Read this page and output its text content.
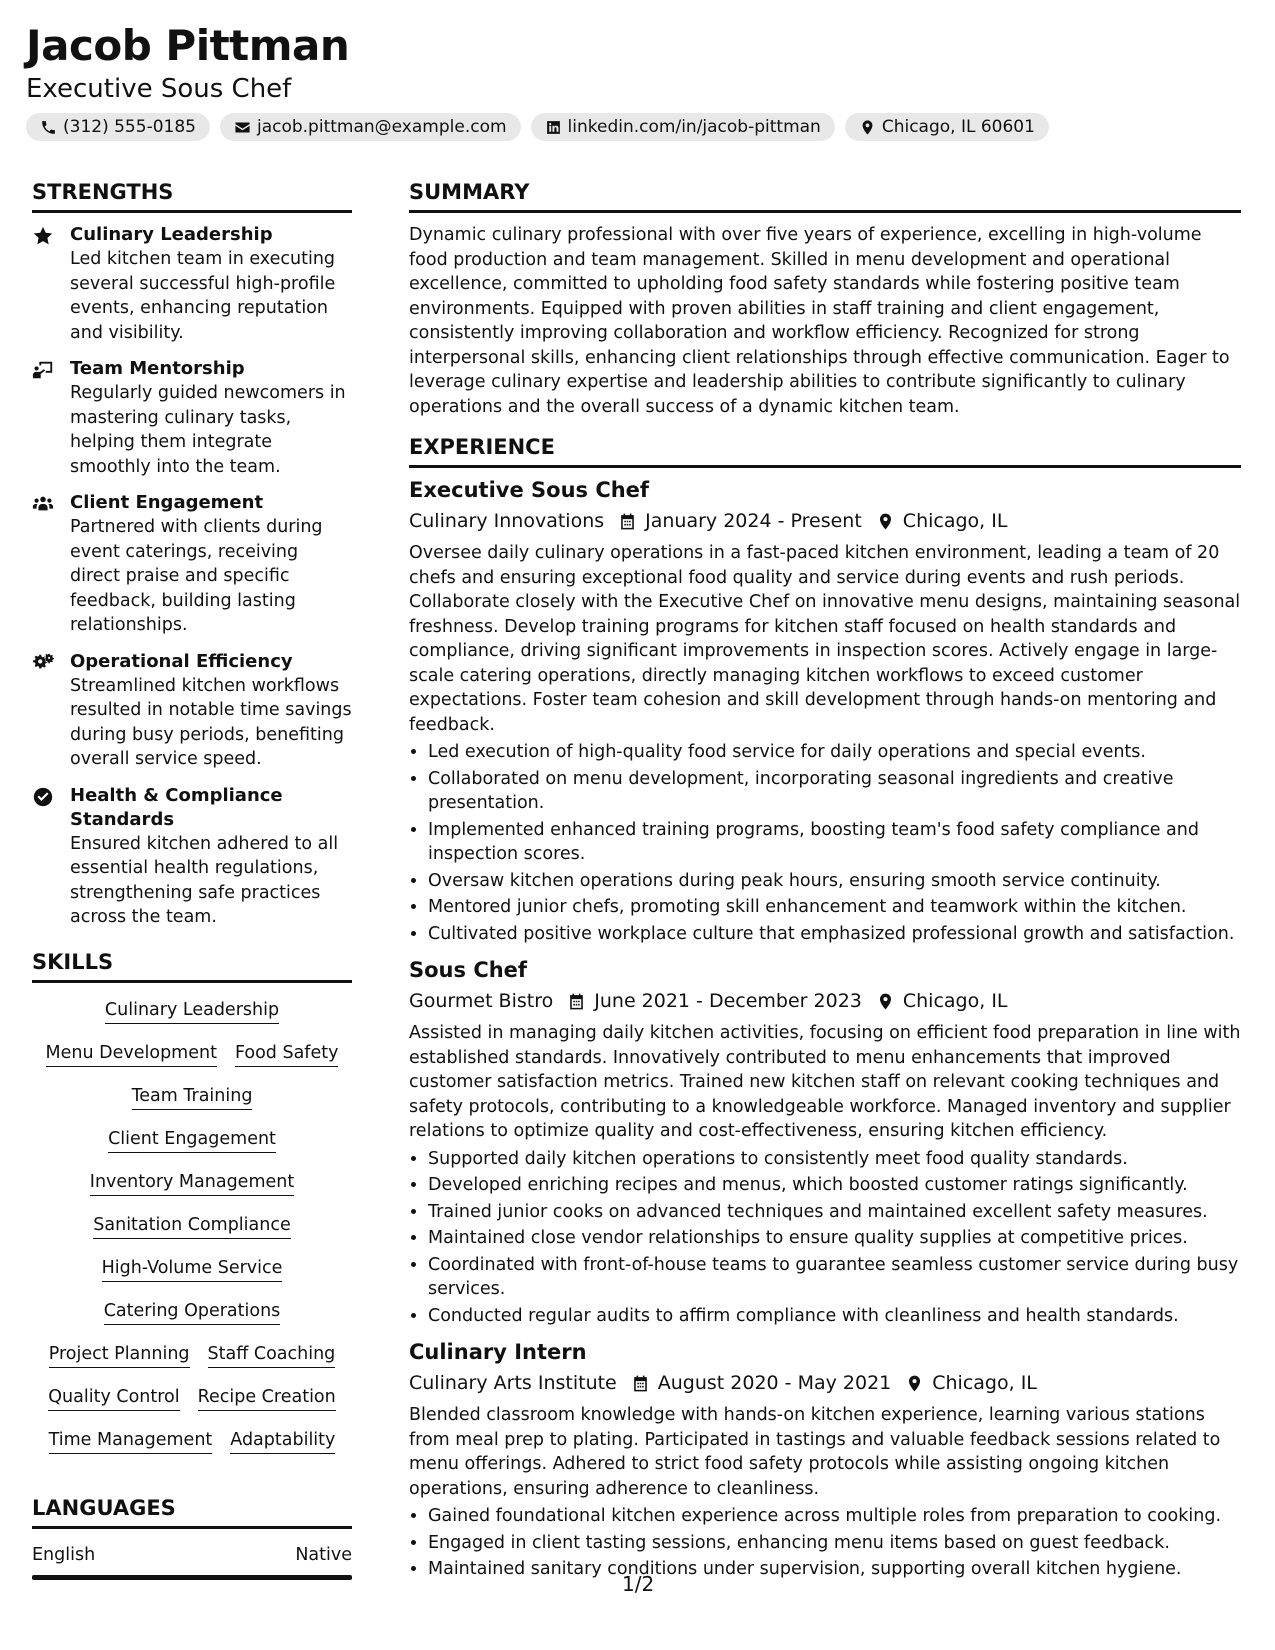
Jacob Pittman
Executive Sous Chef
(312) 555-0185	jacob.pittman@example.com	linkedin.com/in/jacob-pittman	Chicago, IL 60601
STRENGTHS
Culinary Leadership

Led kitchen team in executing several successful high-profile events, enhancing reputation and visibility.

Team Mentorship

Regularly guided newcomers in mastering culinary tasks, helping them integrate smoothly into the team.

Client Engagement

Partnered with clients during event caterings, receiving direct praise and specific feedback, building lasting relationships.

Operational Efficiency

Streamlined kitchen workflows resulted in notable time savings during busy periods, benefiting overall service speed.

Health & Compliance Standards

Ensured kitchen adhered to all essential health regulations, strengthening safe practices across the team.

SKILLS
Culinary Leadership
Menu Development Food Safety
Team Training
Client Engagement
Inventory Management
Sanitation Compliance
High-Volume Service
Catering Operations
Project Planning Staff Coaching
Quality Control Recipe Creation
Time Management Adaptability
LANGUAGES
English	Native
SUMMARY

Dynamic culinary professional with over five years of experience, excelling in high-volume food production and team management. Skilled in menu development and operational excellence, committed to upholding food safety standards while fostering positive team environments. Equipped with proven abilities in staff training and client engagement, consistently improving collaboration and workflow efficiency. Recognized for strong interpersonal skills, enhancing client relationships through effective communication. Eager to leverage culinary expertise and leadership abilities to contribute significantly to culinary operations and the overall success of a dynamic kitchen team.

EXPERIENCE
Executive Sous Chef
Culinary Innovations January 2024 - Present Chicago, IL

Oversee daily culinary operations in a fast-paced kitchen environment, leading a team of 20 chefs and ensuring exceptional food quality and service during events and rush periods. Collaborate closely with the Executive Chef on innovative menu designs, maintaining seasonal freshness. Develop training programs for kitchen staff focused on health standards and compliance, driving significant improvements in inspection scores. Actively engage in large-scale catering operations, directly managing kitchen workflows to exceed customer expectations. Foster team cohesion and skill development through hands-on mentoring and feedback.

• Led execution of high-quality food service for daily operations and special events.
• Collaborated on menu development, incorporating seasonal ingredients and creative presentation.
• Implemented enhanced training programs, boosting team's food safety compliance and inspection scores.
• Oversaw kitchen operations during peak hours, ensuring smooth service continuity.
• Mentored junior chefs, promoting skill enhancement and teamwork within the kitchen.
• Cultivated positive workplace culture that emphasized professional growth and satisfaction.
Sous Chef
Gourmet Bistro June 2021 - December 2023 Chicago, IL

Assisted in managing daily kitchen activities, focusing on efficient food preparation in line with established standards. Innovatively contributed to menu enhancements that improved customer satisfaction metrics. Trained new kitchen staff on relevant cooking techniques and safety protocols, contributing to a knowledgeable workforce. Managed inventory and supplier relations to optimize quality and cost-effectiveness, ensuring kitchen efficiency.

• Supported daily kitchen operations to consistently meet food quality standards.
• Developed enriching recipes and menus, which boosted customer ratings significantly.
• Trained junior cooks on advanced techniques and maintained excellent safety measures.
• Maintained close vendor relationships to ensure quality supplies at competitive prices.
• Coordinated with front-of-house teams to guarantee seamless customer service during busy services.
• Conducted regular audits to affirm compliance with cleanliness and health standards.
Culinary Intern
Culinary Arts Institute August 2020 - May 2021 Chicago, IL

Blended classroom knowledge with hands-on kitchen experience, learning various stations from meal prep to plating. Participated in tastings and valuable feedback sessions related to menu offerings. Adhered to strict food safety protocols while assisting ongoing kitchen operations, ensuring adherence to cleanliness.

• Gained foundational kitchen experience across multiple roles from preparation to cooking.
• Engaged in client tasting sessions, enhancing menu items based on guest feedback.
• Maintained sanitary conditions under supervision, supporting overall kitchen hygiene.
1/2
